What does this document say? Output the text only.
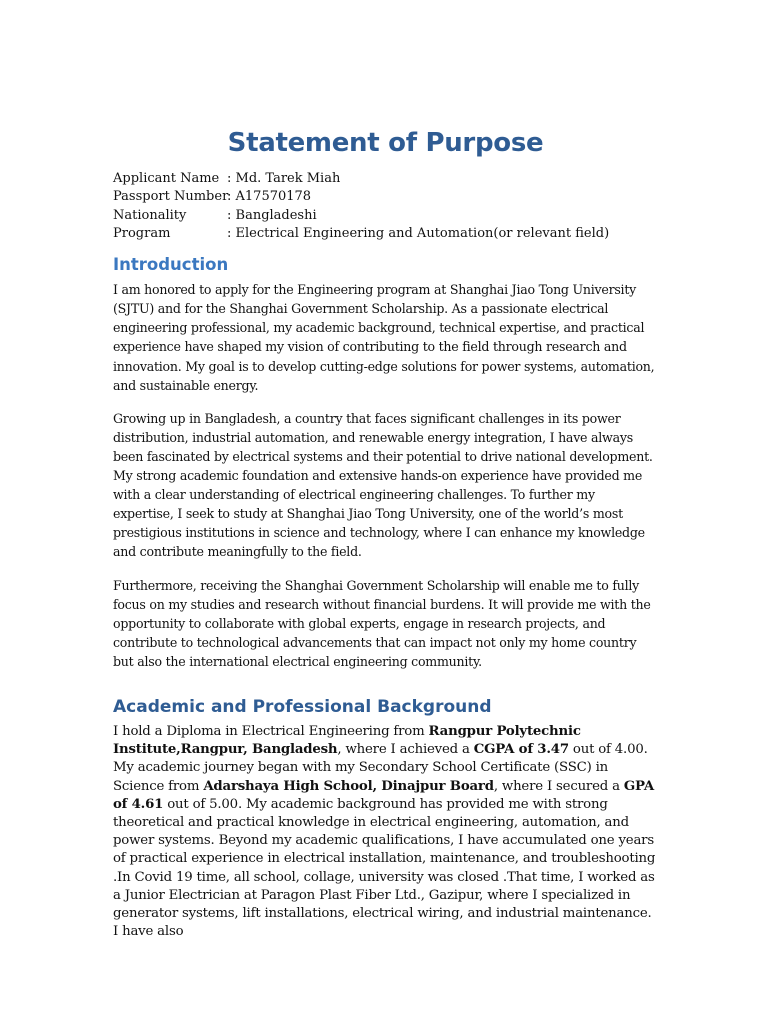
Statement of Purpose
Applicant Name : Md. Tarek Miah
Passport Number
: A17570178
Nationality	: Bangladeshi
Program	: Electrical Engineering and Automation(or relevant field)
Introduction

I am honored to apply for the Engineering program at Shanghai Jiao Tong University (SJTU) and for the Shanghai Government Scholarship. As a passionate electrical engineering professional, my academic background, technical expertise, and practical experience have shaped my vision of contributing to the field through research and innovation. My goal is to develop cutting-edge solutions for power systems, automation, and sustainable energy.

Growing up in Bangladesh, a country that faces significant challenges in its power distribution, industrial automation, and renewable energy integration, I have always been fascinated by electrical systems and their potential to drive national development. My strong academic foundation and extensive hands-on experience have provided me with a clear understanding of electrical engineering challenges. To further my expertise, I seek to study at Shanghai Jiao Tong University, one of the world’s most prestigious institutions in science and technology, where I can enhance my knowledge and contribute meaningfully to the field.

Furthermore, receiving the Shanghai Government Scholarship will enable me to fully focus on my studies and research without financial burdens. It will provide me with the opportunity to collaborate with global experts, engage in research projects, and contribute to technological advancements that can impact not only my home country but also the international electrical engineering community.

Academic and Professional Background

I hold a Diploma in Electrical Engineering from Rangpur Polytechnic Institute,Rangpur, Bangladesh, where I achieved a CGPA of 3.47 out of 4.00. My academic journey began with my Secondary School Certificate (SSC) in Science from Adarshaya High School, Dinajpur Board, where I secured a GPA of 4.61 out of 5.00. My academic background has provided me with strong theoretical and practical knowledge in electrical engineering, automation, and power systems. Beyond my academic qualifications, I have accumulated one years of practical experience in electrical installation, maintenance, and troubleshooting .In Covid 19 time, all school, collage, university was closed .That time, I worked as a Junior Electrician at Paragon Plast Fiber Ltd., Gazipur, where I specialized in generator systems, lift installations, electrical wiring, and industrial maintenance. I have also
